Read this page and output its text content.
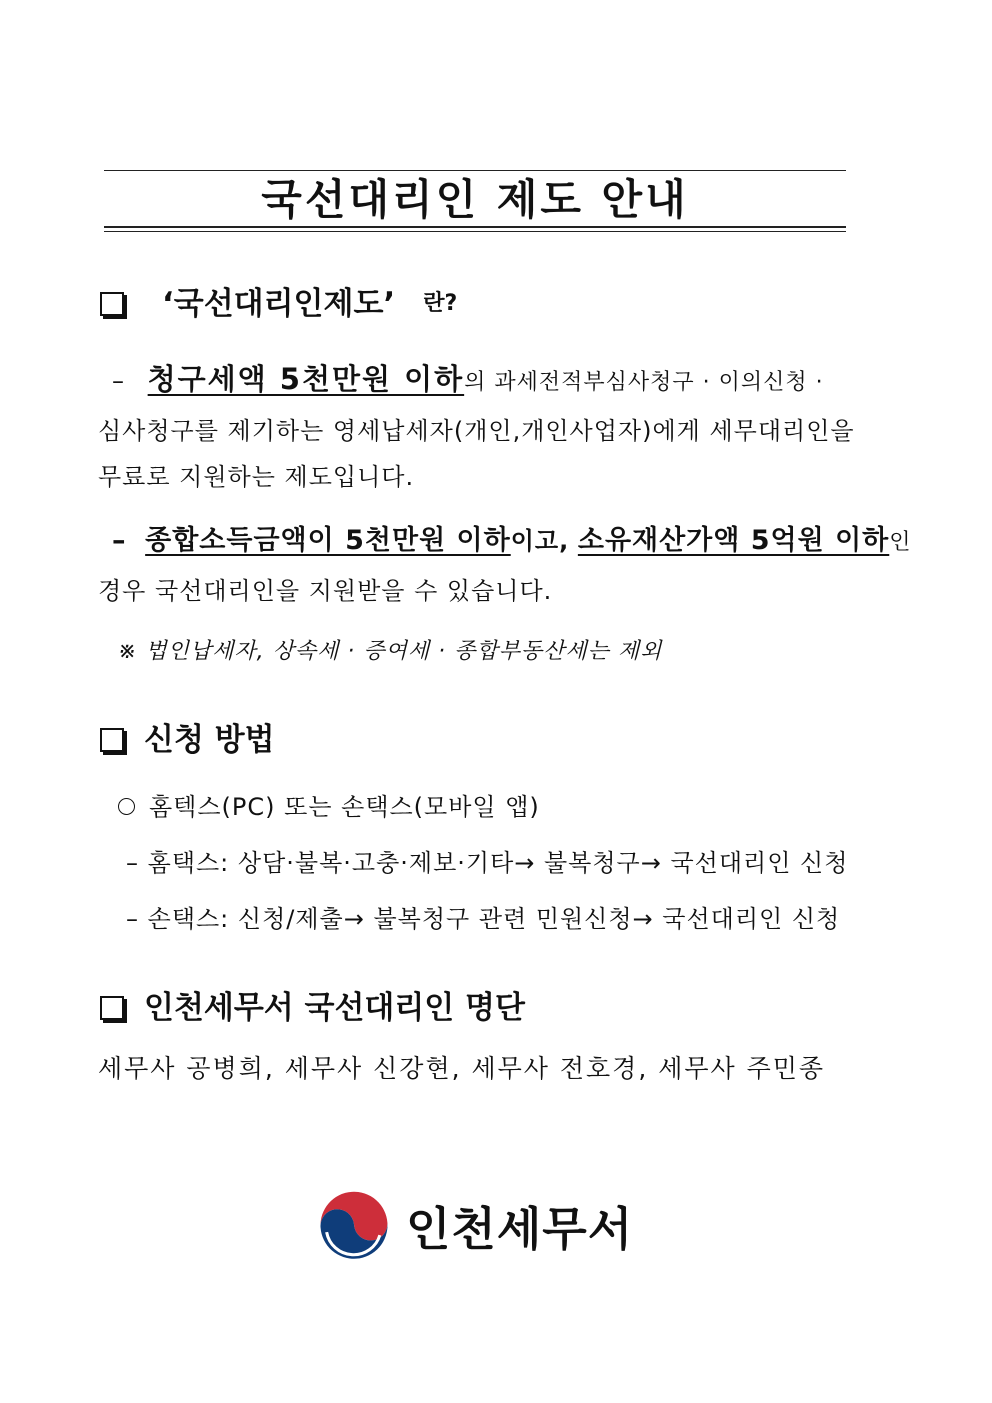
국선대리인 제도 안내
‘국선대리인제도’ 란?
– 청구세액 5천만원 이하의 과세전적부심사청구 · 이의신청 ·
심사청구를 제기하는 영세납세자(개인,개인사업자)에게 세무대리인을
무료로 지원하는 제도입니다.
– 종합소득금액이 5천만원 이하이고, 소유재산가액 5억원 이하인
경우 국선대리인을 지원받을 수 있습니다.
※ 법인납세자, 상속세 · 증여세 · 종합부동산세는 제외
신청 방법
홈텍스(PC) 또는 손택스(모바일 앱)
– 홈택스: 상담·불복·고충·제보·기타→ 불복청구→ 국선대리인 신청
– 손택스: 신청/제출→ 불복청구 관련 민원신청→ 국선대리인 신청
인천세무서 국선대리인 명단
세무사 공병희, 세무사 신강현, 세무사 전호경, 세무사 주민종
인천세무서
